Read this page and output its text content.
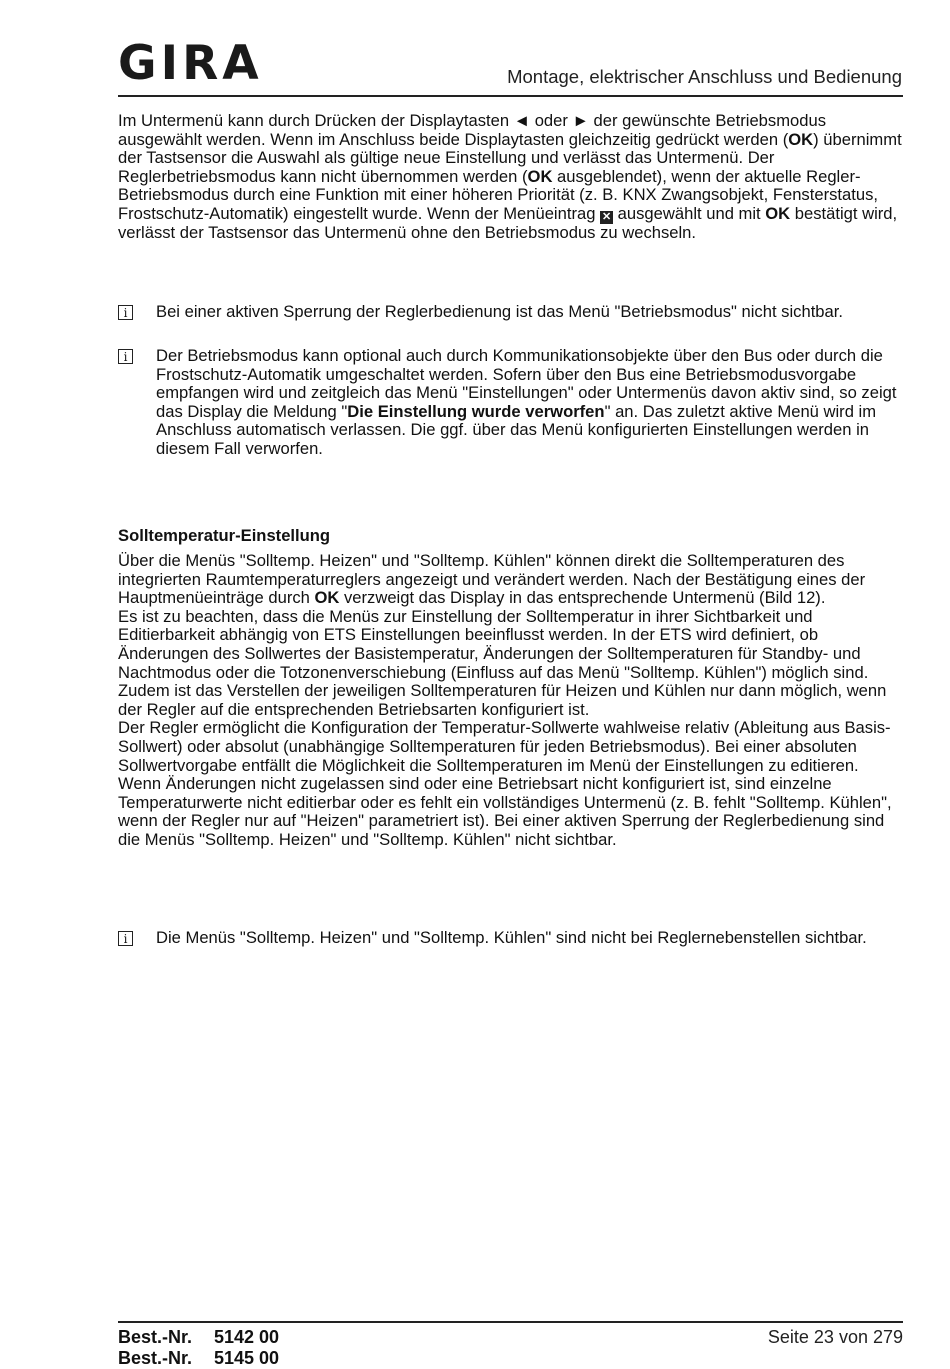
GIRA	Montage, elektrischer Anschluss und Bedienung

Im Untermenü kann durch Drücken der Displaytasten ◄ oder ► der gewünschte Betriebsmodus ausgewählt werden. Wenn im Anschluss beide Displaytasten gleichzeitig gedrückt werden (OK) übernimmt der Tastsensor die Auswahl als gültige neue Einstellung und verlässt das Untermenü. Der Reglerbetriebsmodus kann nicht übernommen werden (OK ausgeblendet), wenn der aktuelle Regler-Betriebsmodus durch eine Funktion mit einer höheren Priorität (z. B. KNX Zwangsobjekt, Fensterstatus, Frostschutz-Automatik) eingestellt wurde. Wenn der Menüeintrag ✕ ausgewählt und mit OK bestätigt wird, verlässt der Tastsensor das Untermenü ohne den Betriebsmodus zu wechseln.

i	Bei einer aktiven Sperrung der Reglerbedienung ist das Menü "Betriebsmodus" nicht sichtbar.
i	Der Betriebsmodus kann optional auch durch Kommunikationsobjekte über den Bus oder durch die Frostschutz-Automatik umgeschaltet werden. Sofern über den Bus eine Betriebsmodusvorgabe empfangen wird und zeitgleich das Menü "Einstellungen" oder Untermenüs davon aktiv sind, so zeigt das Display die Meldung "Die Einstellung wurde verworfen" an. Das zuletzt aktive Menü wird im Anschluss automatisch verlassen. Die ggf. über das Menü konfigurierten Einstellungen werden in diesem Fall verworfen.
Solltemperatur-Einstellung

Über die Menüs "Solltemp. Heizen" und "Solltemp. Kühlen" können direkt die Solltemperaturen des integrierten Raumtemperaturreglers angezeigt und verändert werden. Nach der Bestätigung eines der Hauptmenüeinträge durch OK verzweigt das Display in das entsprechende Untermenü (Bild 12).

Es ist zu beachten, dass die Menüs zur Einstellung der Solltemperatur in ihrer Sichtbarkeit und Editierbarkeit abhängig von ETS Einstellungen beeinflusst werden. In der ETS wird definiert, ob Änderungen des Sollwertes der Basistemperatur, Änderungen der Solltemperaturen für Standby- und Nachtmodus oder die Totzonenverschiebung (Einfluss auf das Menü "Solltemp. Kühlen") möglich sind. Zudem ist das Verstellen der jeweiligen Solltemperaturen für Heizen und Kühlen nur dann möglich, wenn der Regler auf die entsprechenden Betriebsarten konfiguriert ist.

Der Regler ermöglicht die Konfiguration der Temperatur-Sollwerte wahlweise relativ (Ableitung aus Basis-Sollwert) oder absolut (unabhängige Solltemperaturen für jeden Betriebsmodus). Bei einer absoluten Sollwertvorgabe entfällt die Möglichkeit die Solltemperaturen im Menü der Einstellungen zu editieren.

Wenn Änderungen nicht zugelassen sind oder eine Betriebsart nicht konfiguriert ist, sind einzelne Temperaturwerte nicht editierbar oder es fehlt ein vollständiges Untermenü (z. B. fehlt "Solltemp. Kühlen", wenn der Regler nur auf "Heizen" parametriert ist). Bei einer aktiven Sperrung der Reglerbedienung sind die Menüs "Solltemp. Heizen" und "Solltemp. Kühlen" nicht sichtbar.

i	Die Menüs "Solltemp. Heizen" und "Solltemp. Kühlen" sind nicht bei Reglernebenstellen sichtbar.
Best.-Nr. 5142 00
Best.-Nr. 5145 00
Seite 23 von 279
